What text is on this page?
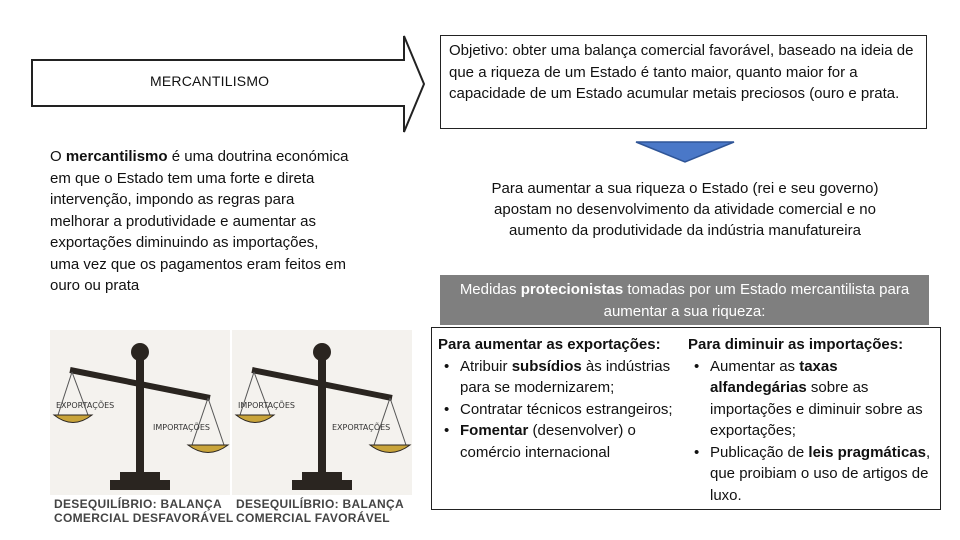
MERCANTILISMO
O mercantilismo é uma doutrina económica em que o Estado tem uma forte e direta intervenção, impondo as regras para melhorar a produtividade e aumentar as exportações diminuindo as importações, uma vez que os pagamentos eram feitos em ouro ou prata
Objetivo: obter uma balança comercial favorável, baseado na ideia de que a riqueza de um Estado é tanto maior, quanto maior for a capacidade de um Estado acumular metais preciosos (ouro e prata.
Para aumentar a sua riqueza o Estado (rei e seu governo) apostam no desenvolvimento da atividade comercial e no aumento da produtividade da indústria manufatureira
Medidas protecionistas tomadas por um Estado mercantilista para aumentar a sua riqueza:
Para aumentar as exportações:
• Atribuir subsídios às indústrias para se modernizarem;
• Contratar técnicos estrangeiros;
• Fomentar (desenvolver) o comércio internacional
Para diminuir as importações:
• Aumentar as taxas alfandegárias sobre as importações e diminuir sobre as exportações;
• Publicação de leis pragmáticas, que proibiam o uso de artigos de luxo.
EXPORTAÇÕES
IMPORTAÇÕES
DESEQUILÍBRIO: BALANÇA
COMERCIAL DESFAVORÁVEL
IMPORTAÇÕES
EXPORTAÇÕES
DESEQUILÍBRIO: BALANÇA
COMERCIAL FAVORÁVEL
